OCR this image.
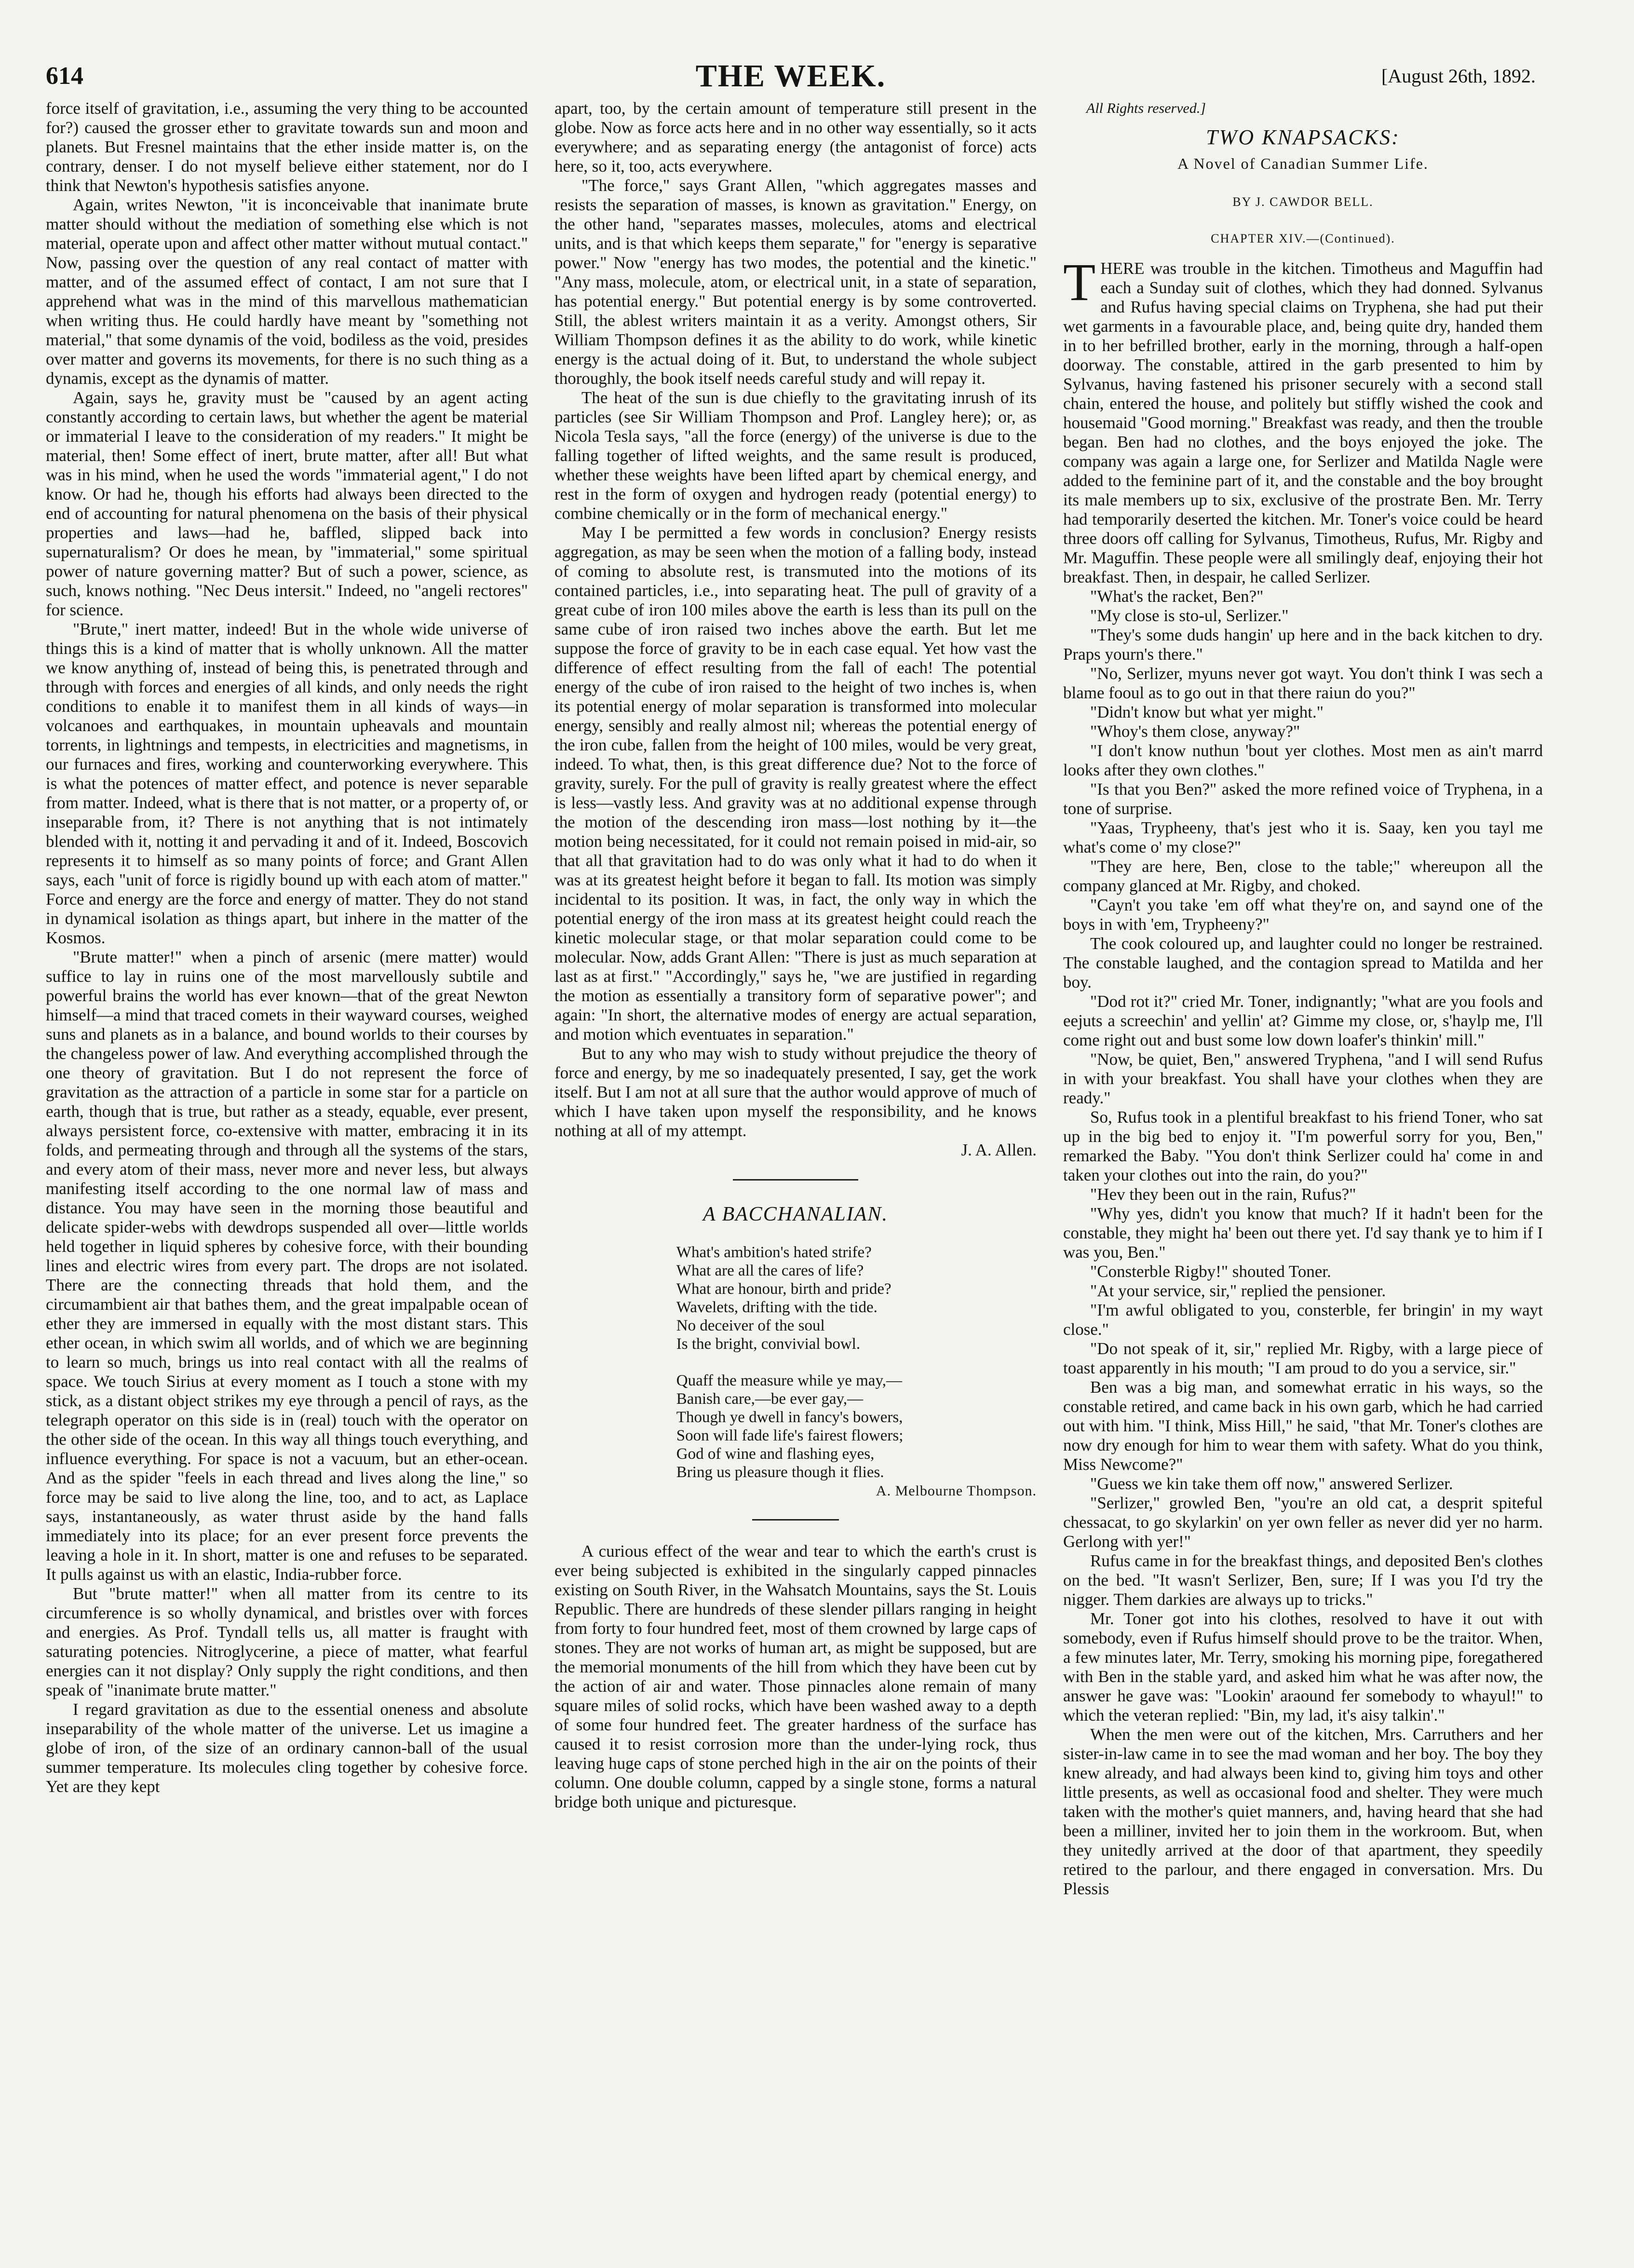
614	THE WEEK.	[August 26th, 1892.

force itself of gravitation, i.e., assuming the very thing to be accounted for?) caused the grosser ether to gravitate towards sun and moon and planets. But Fresnel maintains that the ether inside matter is, on the contrary, denser. I do not myself believe either statement, nor do I think that Newton's hypothesis satisfies anyone.

Again, writes Newton, "it is inconceivable that inanimate brute matter should without the mediation of something else which is not material, operate upon and affect other matter without mutual contact." Now, passing over the question of any real contact of matter with matter, and of the assumed effect of contact, I am not sure that I apprehend what was in the mind of this marvellous mathematician when writing thus. He could hardly have meant by "something not material," that some dynamis of the void, bodiless as the void, presides over matter and governs its movements, for there is no such thing as a dynamis, except as the dynamis of matter.

Again, says he, gravity must be "caused by an agent acting constantly according to certain laws, but whether the agent be material or immaterial I leave to the consideration of my readers." It might be material, then! Some effect of inert, brute matter, after all! But what was in his mind, when he used the words "immaterial agent," I do not know. Or had he, though his efforts had always been directed to the end of accounting for natural phenomena on the basis of their physical properties and laws—had he, baffled, slipped back into supernaturalism? Or does he mean, by "immaterial," some spiritual power of nature governing matter? But of such a power, science, as such, knows nothing. "Nec Deus intersit." Indeed, no "angeli rectores" for science.

"Brute," inert matter, indeed! But in the whole wide universe of things this is a kind of matter that is wholly unknown. All the matter we know anything of, instead of being this, is penetrated through and through with forces and energies of all kinds, and only needs the right conditions to enable it to manifest them in all kinds of ways—in volcanoes and earthquakes, in mountain upheavals and mountain torrents, in lightnings and tempests, in electricities and magnetisms, in our furnaces and fires, working and counterworking everywhere. This is what the potences of matter effect, and potence is never separable from matter. Indeed, what is there that is not matter, or a property of, or inseparable from, it? There is not anything that is not intimately blended with it, notting it and pervading it and of it. Indeed, Boscovich represents it to himself as so many points of force; and Grant Allen says, each "unit of force is rigidly bound up with each atom of matter." Force and energy are the force and energy of matter. They do not stand in dynamical isolation as things apart, but inhere in the matter of the Kosmos.

"Brute matter!" when a pinch of arsenic (mere matter) would suffice to lay in ruins one of the most marvellously subtile and powerful brains the world has ever known—that of the great Newton himself—a mind that traced comets in their wayward courses, weighed suns and planets as in a balance, and bound worlds to their courses by the changeless power of law. And everything accomplished through the one theory of gravitation. But I do not represent the force of gravitation as the attraction of a particle in some star for a particle on earth, though that is true, but rather as a steady, equable, ever present, always persistent force, co-extensive with matter, embracing it in its folds, and permeating through and through all the systems of the stars, and every atom of their mass, never more and never less, but always manifesting itself according to the one normal law of mass and distance. You may have seen in the morning those beautiful and delicate spider-webs with dewdrops suspended all over—little worlds held together in liquid spheres by cohesive force, with their bounding lines and electric wires from every part. The drops are not isolated. There are the connecting threads that hold them, and the circumambient air that bathes them, and the great impalpable ocean of ether they are immersed in equally with the most distant stars. This ether ocean, in which swim all worlds, and of which we are beginning to learn so much, brings us into real contact with all the realms of space. We touch Sirius at every moment as I touch a stone with my stick, as a distant object strikes my eye through a pencil of rays, as the telegraph operator on this side is in (real) touch with the operator on the other side of the ocean. In this way all things touch everything, and influence everything. For space is not a vacuum, but an ether-ocean. And as the spider "feels in each thread and lives along the line," so force may be said to live along the line, too, and to act, as Laplace says, instantaneously, as water thrust aside by the hand falls immediately into its place; for an ever present force prevents the leaving a hole in it. In short, matter is one and refuses to be separated. It pulls against us with an elastic, India-rubber force.

But "brute matter!" when all matter from its centre to its circumference is so wholly dynamical, and bristles over with forces and energies. As Prof. Tyndall tells us, all matter is fraught with saturating potencies. Nitroglycerine, a piece of matter, what fearful energies can it not display? Only supply the right conditions, and then speak of "inanimate brute matter."

I regard gravitation as due to the essential oneness and absolute inseparability of the whole matter of the universe. Let us imagine a globe of iron, of the size of an ordinary cannon-ball of the usual summer temperature. Its molecules cling together by cohesive force. Yet are they kept

apart, too, by the certain amount of temperature still present in the globe. Now as force acts here and in no other way essentially, so it acts everywhere; and as separating energy (the antagonist of force) acts here, so it, too, acts everywhere.

"The force," says Grant Allen, "which aggregates masses and resists the separation of masses, is known as gravitation." Energy, on the other hand, "separates masses, molecules, atoms and electrical units, and is that which keeps them separate," for "energy is separative power." Now "energy has two modes, the potential and the kinetic." "Any mass, molecule, atom, or electrical unit, in a state of separation, has potential energy." But potential energy is by some controverted. Still, the ablest writers maintain it as a verity. Amongst others, Sir William Thompson defines it as the ability to do work, while kinetic energy is the actual doing of it. But, to understand the whole subject thoroughly, the book itself needs careful study and will repay it.

The heat of the sun is due chiefly to the gravitating inrush of its particles (see Sir William Thompson and Prof. Langley here); or, as Nicola Tesla says, "all the force (energy) of the universe is due to the falling together of lifted weights, and the same result is produced, whether these weights have been lifted apart by chemical energy, and rest in the form of oxygen and hydrogen ready (potential energy) to combine chemically or in the form of mechanical energy."

May I be permitted a few words in conclusion? Energy resists aggregation, as may be seen when the motion of a falling body, instead of coming to absolute rest, is transmuted into the motions of its contained particles, i.e., into separating heat. The pull of gravity of a great cube of iron 100 miles above the earth is less than its pull on the same cube of iron raised two inches above the earth. But let me suppose the force of gravity to be in each case equal. Yet how vast the difference of effect resulting from the fall of each! The potential energy of the cube of iron raised to the height of two inches is, when its potential energy of molar separation is transformed into molecular energy, sensibly and really almost nil; whereas the potential energy of the iron cube, fallen from the height of 100 miles, would be very great, indeed. To what, then, is this great difference due? Not to the force of gravity, surely. For the pull of gravity is really greatest where the effect is less—vastly less. And gravity was at no additional expense through the motion of the descending iron mass—lost nothing by it—the motion being necessitated, for it could not remain poised in mid-air, so that all that gravitation had to do was only what it had to do when it was at its greatest height before it began to fall. Its motion was simply incidental to its position. It was, in fact, the only way in which the potential energy of the iron mass at its greatest height could reach the kinetic molecular stage, or that molar separation could come to be molecular. Now, adds Grant Allen: "There is just as much separation at last as at first." "Accordingly," says he, "we are justified in regarding the motion as essentially a transitory form of separative power"; and again: "In short, the alternative modes of energy are actual separation, and motion which eventuates in separation."

But to any who may wish to study without prejudice the theory of force and energy, by me so inadequately presented, I say, get the work itself. But I am not at all sure that the author would approve of much of which I have taken upon myself the responsibility, and he knows nothing at all of my attempt.

J. A. Allen.

A BACCHANALIAN.

What's ambition's hated strife?

What are all the cares of life?

What are honour, birth and pride?

Wavelets, drifting with the tide.

No deceiver of the soul

Is the bright, convivial bowl.

Quaff the measure while ye may,—

Banish care,—be ever gay,—

Though ye dwell in fancy's bowers,

Soon will fade life's fairest flowers;

God of wine and flashing eyes,

Bring us pleasure though it flies.

A. Melbourne Thompson.

A curious effect of the wear and tear to which the earth's crust is ever being subjected is exhibited in the singularly capped pinnacles existing on South River, in the Wahsatch Mountains, says the St. Louis Republic. There are hundreds of these slender pillars ranging in height from forty to four hundred feet, most of them crowned by large caps of stones. They are not works of human art, as might be supposed, but are the memorial monuments of the hill from which they have been cut by the action of air and water. Those pinnacles alone remain of many square miles of solid rocks, which have been washed away to a depth of some four hundred feet. The greater hardness of the surface has caused it to resist corrosion more than the under-lying rock, thus leaving huge caps of stone perched high in the air on the points of their column. One double column, capped by a single stone, forms a natural bridge both unique and picturesque.

All Rights reserved.]

TWO KNAPSACKS:
A Novel of Canadian Summer Life.
BY J. CAWDOR BELL.
CHAPTER XIV.—(Continued).

THERE was trouble in the kitchen. Timotheus and Maguffin had each a Sunday suit of clothes, which they had donned. Sylvanus and Rufus having special claims on Tryphena, she had put their wet garments in a favourable place, and, being quite dry, handed them in to her befrilled brother, early in the morning, through a half-open doorway. The constable, attired in the garb presented to him by Sylvanus, having fastened his prisoner securely with a second stall chain, entered the house, and politely but stiffly wished the cook and housemaid "Good morning." Breakfast was ready, and then the trouble began. Ben had no clothes, and the boys enjoyed the joke. The company was again a large one, for Serlizer and Matilda Nagle were added to the feminine part of it, and the constable and the boy brought its male members up to six, exclusive of the prostrate Ben. Mr. Terry had temporarily deserted the kitchen. Mr. Toner's voice could be heard three doors off calling for Sylvanus, Timotheus, Rufus, Mr. Rigby and Mr. Maguffin. These people were all smilingly deaf, enjoying their hot breakfast. Then, in despair, he called Serlizer.

"What's the racket, Ben?"

"My close is sto-ul, Serlizer."

"They's some duds hangin' up here and in the back kitchen to dry. Praps yourn's there."

"No, Serlizer, myuns never got wayt. You don't think I was sech a blame fooul as to go out in that there raiun do you?"

"Didn't know but what yer might."

"Whoy's them close, anyway?"

"I don't know nuthun 'bout yer clothes. Most men as ain't marrd looks after they own clothes."

"Is that you Ben?" asked the more refined voice of Tryphena, in a tone of surprise.

"Yaas, Trypheeny, that's jest who it is. Saay, ken you tayl me what's come o' my close?"

"They are here, Ben, close to the table;" whereupon all the company glanced at Mr. Rigby, and choked.

"Cayn't you take 'em off what they're on, and saynd one of the boys in with 'em, Trypheeny?"

The cook coloured up, and laughter could no longer be restrained. The constable laughed, and the contagion spread to Matilda and her boy.

"Dod rot it?" cried Mr. Toner, indignantly; "what are you fools and eejuts a screechin' and yellin' at? Gimme my close, or, s'haylp me, I'll come right out and bust some low down loafer's thinkin' mill."

"Now, be quiet, Ben," answered Tryphena, "and I will send Rufus in with your breakfast. You shall have your clothes when they are ready."

So, Rufus took in a plentiful breakfast to his friend Toner, who sat up in the big bed to enjoy it. "I'm powerful sorry for you, Ben," remarked the Baby. "You don't think Serlizer could ha' come in and taken your clothes out into the rain, do you?"

"Hev they been out in the rain, Rufus?"

"Why yes, didn't you know that much? If it hadn't been for the constable, they might ha' been out there yet. I'd say thank ye to him if I was you, Ben."

"Consterble Rigby!" shouted Toner.

"At your service, sir," replied the pensioner.

"I'm awful obligated to you, consterble, fer bringin' in my wayt close."

"Do not speak of it, sir," replied Mr. Rigby, with a large piece of toast apparently in his mouth; "I am proud to do you a service, sir."

Ben was a big man, and somewhat erratic in his ways, so the constable retired, and came back in his own garb, which he had carried out with him. "I think, Miss Hill," he said, "that Mr. Toner's clothes are now dry enough for him to wear them with safety. What do you think, Miss Newcome?"

"Guess we kin take them off now," answered Serlizer.

"Serlizer," growled Ben, "you're an old cat, a desprit spiteful chessacat, to go skylarkin' on yer own feller as never did yer no harm. Gerlong with yer!"

Rufus came in for the breakfast things, and deposited Ben's clothes on the bed. "It wasn't Serlizer, Ben, sure; If I was you I'd try the nigger. Them darkies are always up to tricks."

Mr. Toner got into his clothes, resolved to have it out with somebody, even if Rufus himself should prove to be the traitor. When, a few minutes later, Mr. Terry, smoking his morning pipe, foregathered with Ben in the stable yard, and asked him what he was after now, the answer he gave was: "Lookin' araound fer somebody to whayul!" to which the veteran replied: "Bin, my lad, it's aisy talkin'."

When the men were out of the kitchen, Mrs. Carruthers and her sister-in-law came in to see the mad woman and her boy. The boy they knew already, and had always been kind to, giving him toys and other little presents, as well as occasional food and shelter. They were much taken with the mother's quiet manners, and, having heard that she had been a milliner, invited her to join them in the workroom. But, when they unitedly arrived at the door of that apartment, they speedily retired to the parlour, and there engaged in conversation. Mrs. Du Plessis
